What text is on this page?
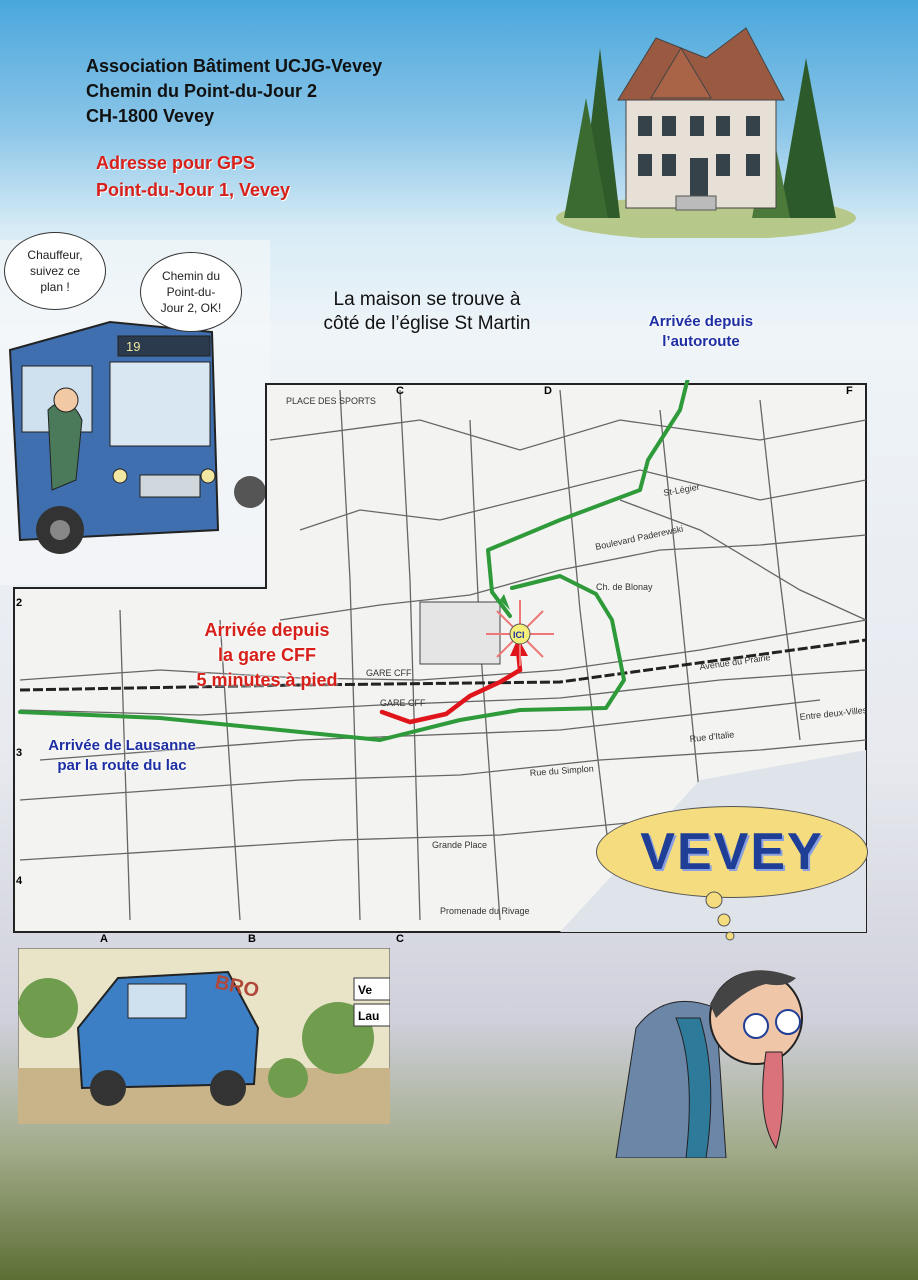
Association Bâtiment UCJG-Vevey
Chemin du Point-du-Jour 2
CH-1800 Vevey
Adresse pour GPS
Point-du-Jour 1, Vevey
19
Chauffeur,
suivez ce
plan !
Chemin du
Point-du-
Jour 2, OK!	La maison se trouve à
côté de l’église St Martin
C	D	F
A	B	C
2
3
4
PLACE DES SPORTS
Boulevard Paderewski
Avenue du Prairie
Rue du Simplon
Grande Place
Entre deux-Villes
Rue d'Italie
St-Légier
GARE CFF
GARE CFF
Ch. de Blonay
Promenade du Rivage
ICI
Arrivée depuis
l’autoroute
Arrivée depuis
la gare CFF
5 minutes à pied
Arrivée de Lausanne
par la route du lac
BRO	Ve
Lau
VEVEY
